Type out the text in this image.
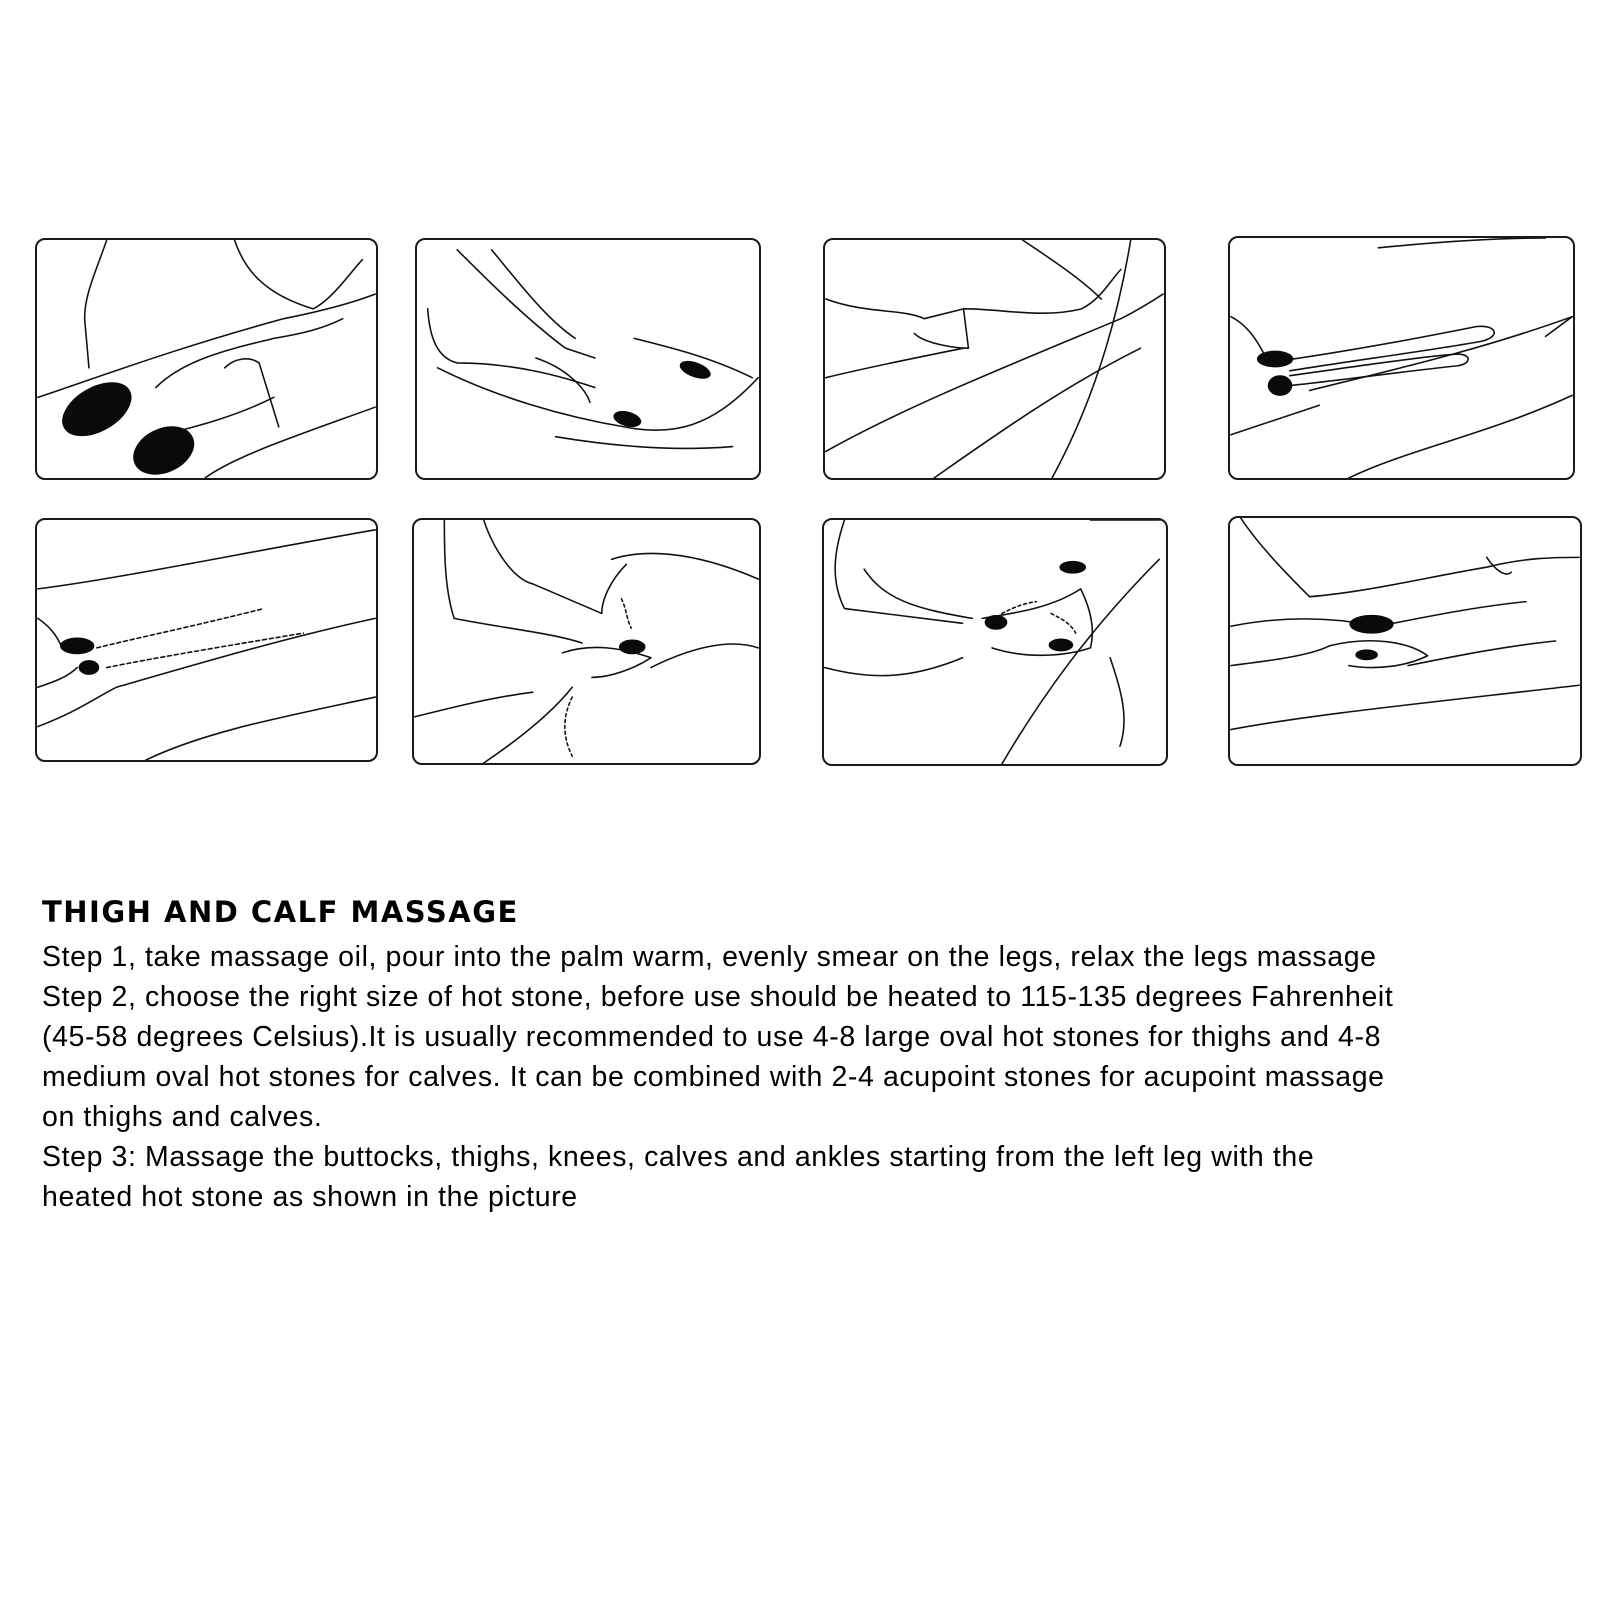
THIGH AND CALF MASSAGE

Step 1, take massage oil, pour into the palm warm, evenly smear on the legs, relax the legs massage

Step 2, choose the right size of hot stone, before use should be heated to 115-135 degrees Fahrenheit

(45-58 degrees Celsius).It is usually recommended to use 4-8 large oval hot stones for thighs and 4-8

medium oval hot stones for calves. It can be combined with 2-4 acupoint stones for acupoint massage

on thighs and calves.

Step 3: Massage the buttocks, thighs, knees, calves and ankles starting from the left leg with the

heated hot stone as shown in the picture
